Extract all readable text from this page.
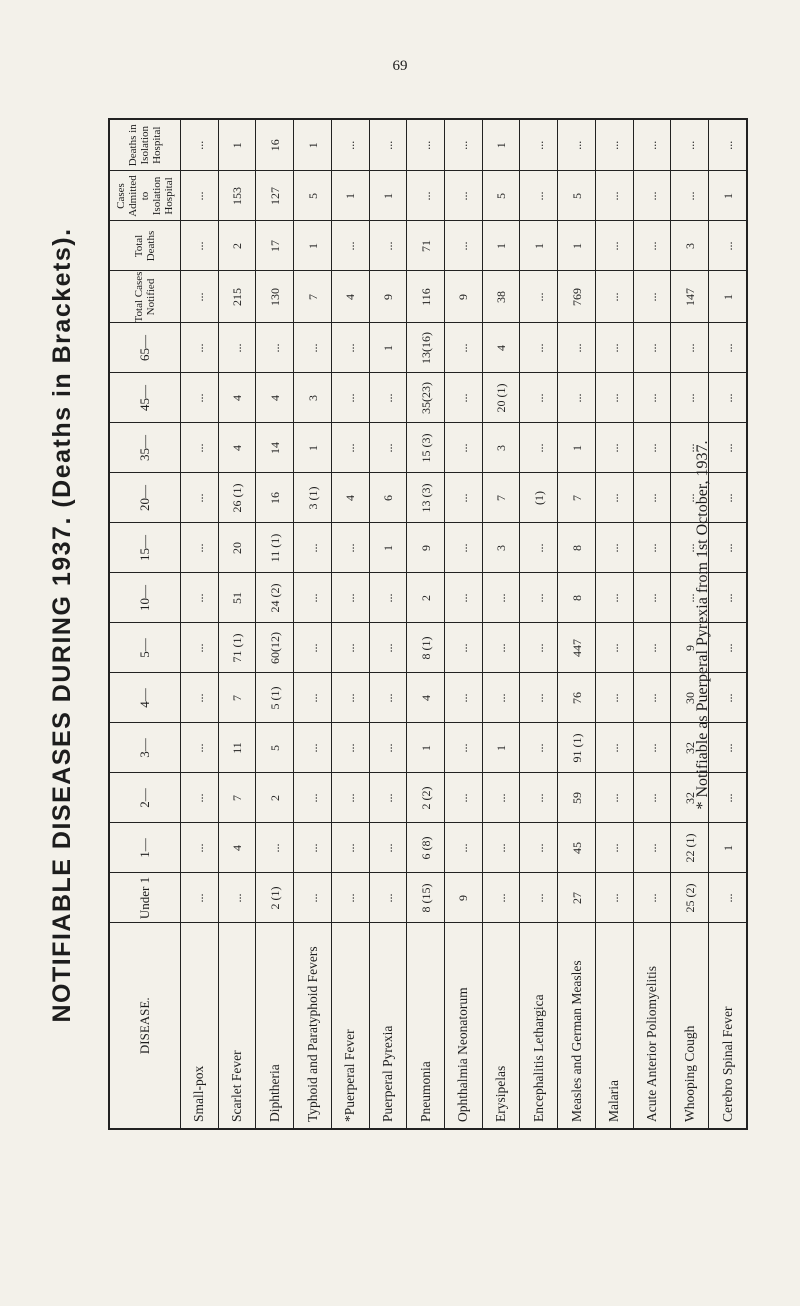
69
NOTIFIABLE DISEASES DURING 1937. (Deaths in Brackets).
DISEASE.	Under 1	1—	2—	3—	4—	5—	10—	15—	20—	35—	45—	65—	Total Cases Notified	Total Deaths	Cases Admitted to Isolation Hospital	Deaths in Isolation Hospital
Small-pox	...	...	...	...	...	...	...	...	...	...	...	...	...	...	...	...
Scarlet Fever	...	4	7	11	7	71 (1)	51	20	26 (1)	4	4	...	215	2	153	1
Diphtheria	2 (1)	...	2	5	5 (1)	60(12)	24 (2)	11 (1)	16	14	4	...	130	17	127	16
Typhoid and Paratyphoid Fevers	...	...	...	...	...	...	...	...	3 (1)	1	3	...	7	1	5	1
*Puerperal Fever	...	...	...	...	...	...	...	...	4	...	...	...	4	...	1	...
Puerperal Pyrexia	...	...	...	...	...	...	...	1	6	...	...	1	9	...	1	...
Pneumonia	8 (15)	6 (8)	2 (2)	1	4	8 (1)	2	9	13 (3)	15 (3)	35(23)	13(16)	116	71	...	...
Ophthalmia Neonatorum	9	...	...	...	...	...	...	...	...	...	...	...	9	...	...	...
Erysipelas	...	...	...	1	...	...	...	3	7	3	20 (1)	4	38	1	5	1
Encephalitis Lethargica	...	...	...	...	...	...	...	...	(1)	...	...	...	...	1	...	...
Measles and German Measles	27	45	59	91 (1)	76	447	8	8	7	1	...	...	769	1	5	...
Malaria	...	...	...	...	...	...	...	...	...	...	...	...	...	...	...	...
Acute Anterior Poliomyelitis	...	...	...	...	...	...	...	...	...	...	...	...	...	...	...	...
Whooping Cough	25 (2)	22 (1)	32	32	30	9	...	...	...	...	...	...	147	3	...	...
Cerebro Spinal Fever	...	1	...	...	...	...	...	...	...	...	...	...	1	...	1	...
* Notifiable as Puerperal Pyrexia from 1st October, 1937.
